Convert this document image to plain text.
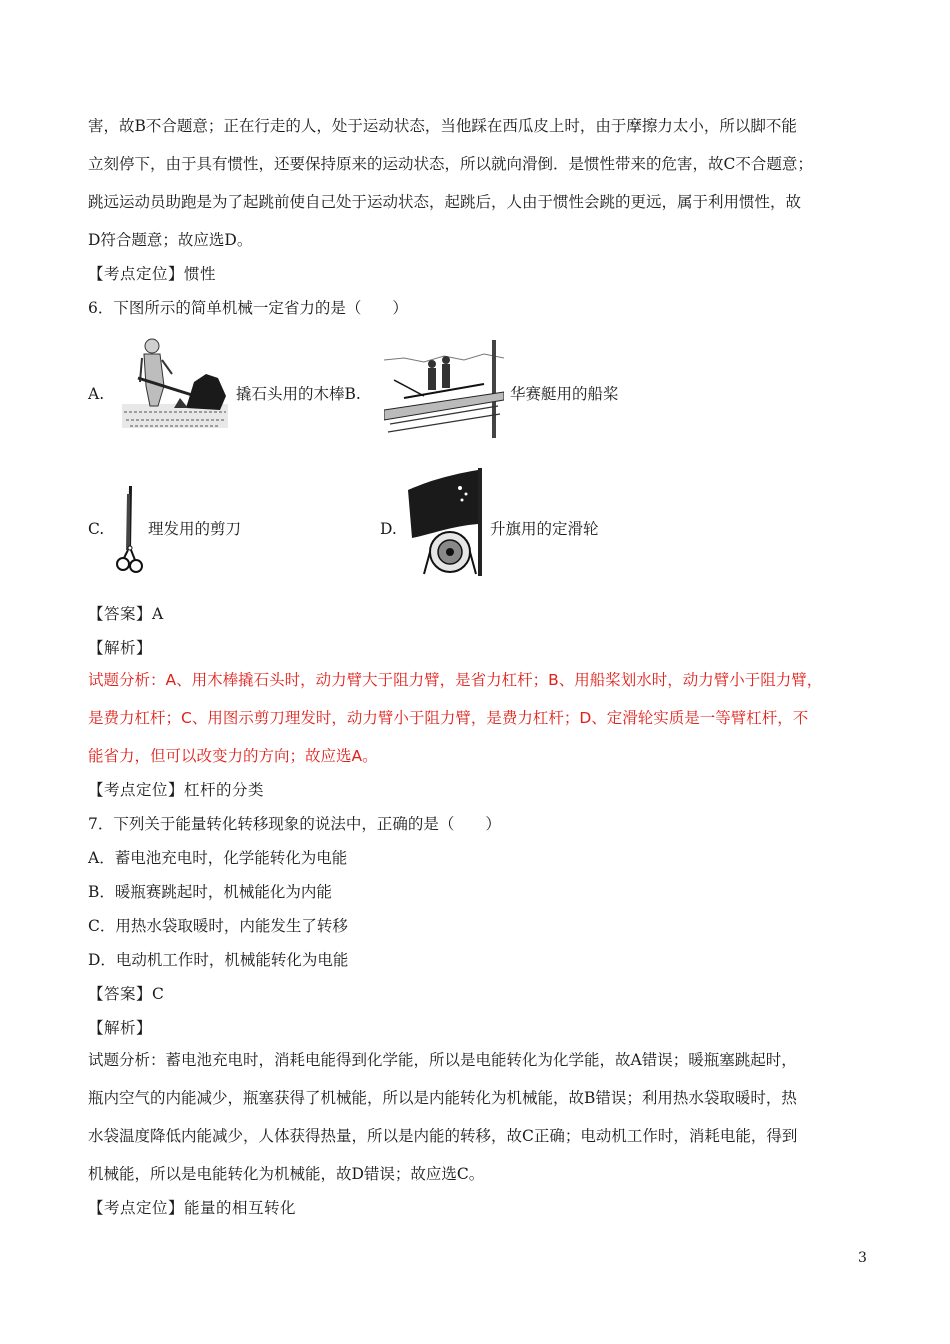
害，故B不合题意；正在行走的人，处于运动状态，当他踩在西瓜皮上时，由于摩擦力太小，所以脚不能
立刻停下，由于具有惯性，还要保持原来的运动状态，所以就向滑倒．是惯性带来的危害，故C不合题意；
跳远运动员助跑是为了起跳前使自己处于运动状态，起跳后，人由于惯性会跳的更远，属于利用惯性，故
D符合题意；故应选D。
【考点定位】惯性
6．下图所示的简单机械一定省力的是（　　）
A.	撬石头用的木棒B.	华赛艇用的船桨
C.	理发用的剪刀	D.	升旗用的定滑轮
【答案】A
【解析】
试题分析：A、用木棒撬石头时，动力臂大于阻力臂，是省力杠杆；B、用船桨划水时，动力臂小于阻力臂，
是费力杠杆；C、用图示剪刀理发时，动力臂小于阻力臂，是费力杠杆；D、定滑轮实质是一等臂杠杆，不
能省力，但可以改变力的方向；故应选A。
【考点定位】杠杆的分类
7．下列关于能量转化转移现象的说法中，正确的是（　　）
A．蓄电池充电时，化学能转化为电能
B．暖瓶赛跳起时，机械能化为内能
C．用热水袋取暖时，内能发生了转移
D．电动机工作时，机械能转化为电能
【答案】C
【解析】
试题分析：蓄电池充电时，消耗电能得到化学能，所以是电能转化为化学能，故A错误；暖瓶塞跳起时，
瓶内空气的内能减少，瓶塞获得了机械能，所以是内能转化为机械能，故B错误；利用热水袋取暖时，热
水袋温度降低内能减少，人体获得热量，所以是内能的转移，故C正确；电动机工作时，消耗电能，得到
机械能，所以是电能转化为机械能，故D错误；故应选C。
【考点定位】能量的相互转化
3
